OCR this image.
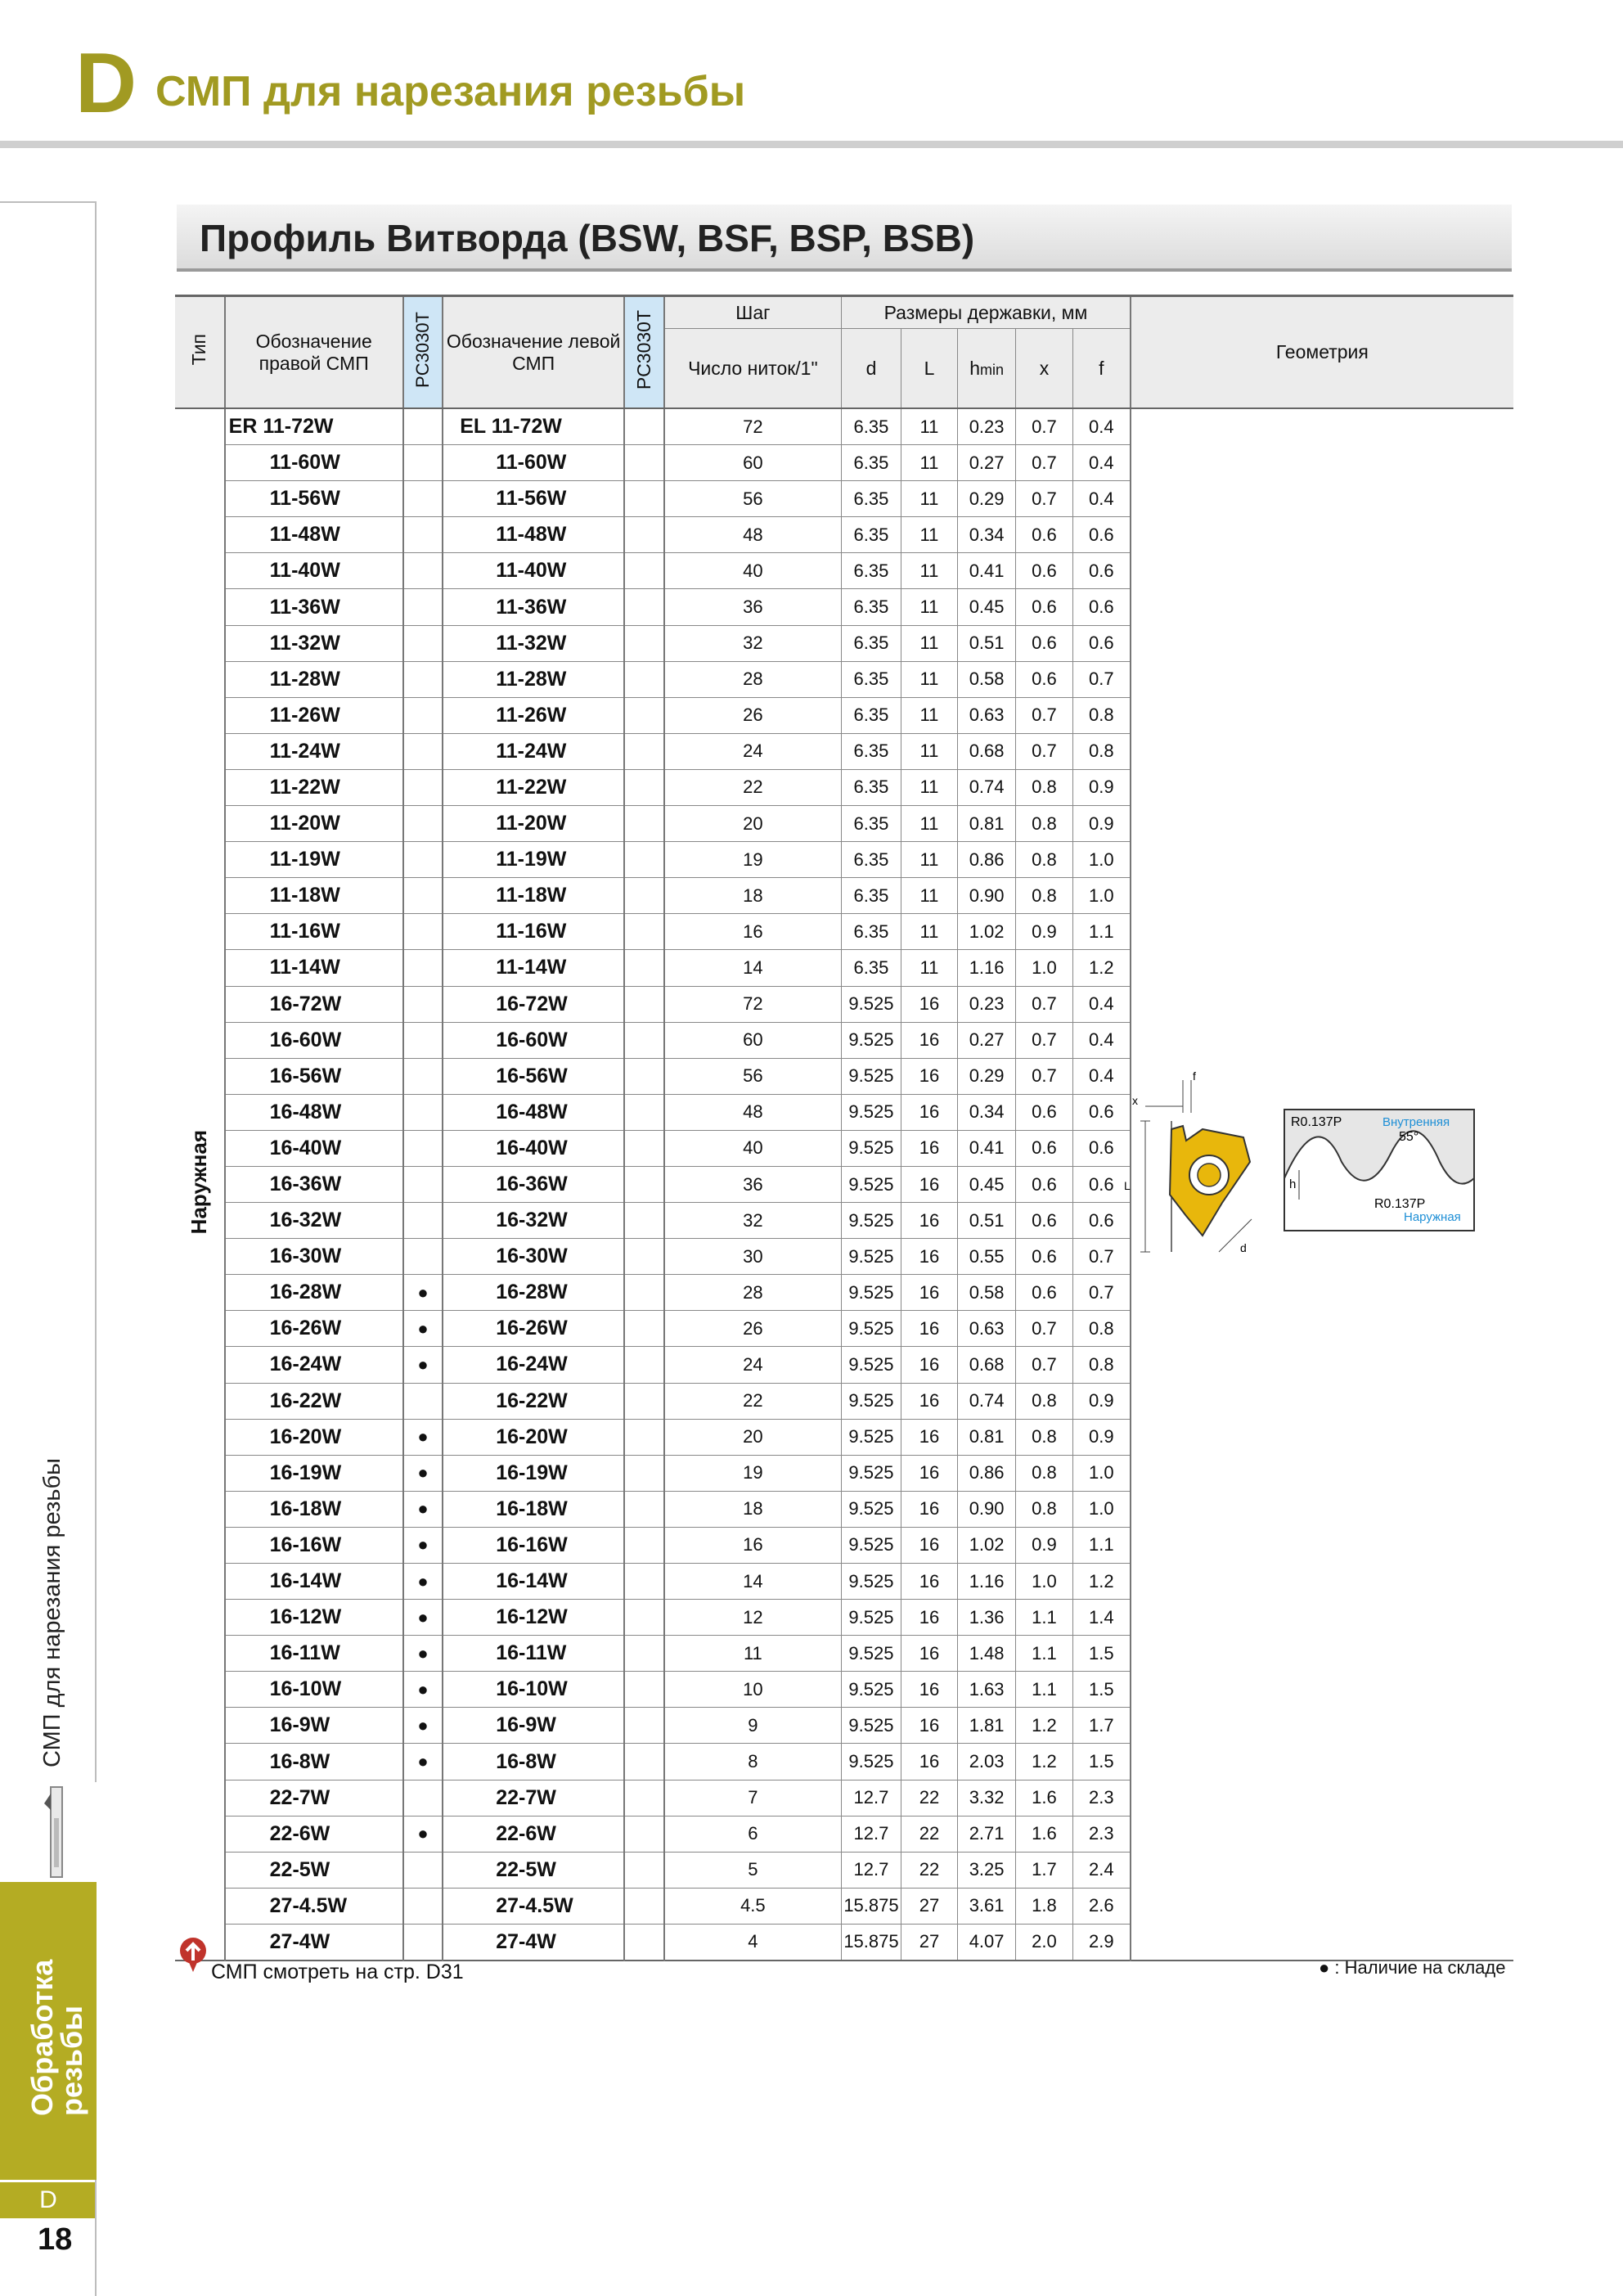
D СМП для нарезания резьбы
СМП для нарезания резьбы
Обработка резьбы
D
18
Профиль Витворда (BSW, BSF, BSP, BSB)
Тип	Обозначение правой СМП	PC3030T	Обозначение левой СМП	PC3030T	Шаг	Размеры державки, мм					Геометрия
					Число ниток/1"	d	L	hmin	x	f	
Наружная	ER 11-72W		EL 11-72W		72	6.35	11	0.23	0.7	0.4	
	11-60W		11-60W		60	6.35	11	0.27	0.7	0.4	
	11-56W		11-56W		56	6.35	11	0.29	0.7	0.4	
	11-48W		11-48W		48	6.35	11	0.34	0.6	0.6	
	11-40W		11-40W		40	6.35	11	0.41	0.6	0.6	
	11-36W		11-36W		36	6.35	11	0.45	0.6	0.6	
	11-32W		11-32W		32	6.35	11	0.51	0.6	0.6	
	11-28W		11-28W		28	6.35	11	0.58	0.6	0.7	
	11-26W		11-26W		26	6.35	11	0.63	0.7	0.8	
	11-24W		11-24W		24	6.35	11	0.68	0.7	0.8	
	11-22W		11-22W		22	6.35	11	0.74	0.8	0.9	
	11-20W		11-20W		20	6.35	11	0.81	0.8	0.9	
	11-19W		11-19W		19	6.35	11	0.86	0.8	1.0	
	11-18W		11-18W		18	6.35	11	0.90	0.8	1.0	
	11-16W		11-16W		16	6.35	11	1.02	0.9	1.1	
	11-14W		11-14W		14	6.35	11	1.16	1.0	1.2	
	16-72W		16-72W		72	9.525	16	0.23	0.7	0.4	
	16-60W		16-60W		60	9.525	16	0.27	0.7	0.4	
	16-56W		16-56W		56	9.525	16	0.29	0.7	0.4	
	16-48W		16-48W		48	9.525	16	0.34	0.6	0.6	
	16-40W		16-40W		40	9.525	16	0.41	0.6	0.6	
	16-36W		16-36W		36	9.525	16	0.45	0.6	0.6	
	16-32W		16-32W		32	9.525	16	0.51	0.6	0.6	
	16-30W		16-30W		30	9.525	16	0.55	0.6	0.7	
	16-28W	●	16-28W		28	9.525	16	0.58	0.6	0.7	
	16-26W	●	16-26W		26	9.525	16	0.63	0.7	0.8	
	16-24W	●	16-24W		24	9.525	16	0.68	0.7	0.8	
	16-22W		16-22W		22	9.525	16	0.74	0.8	0.9	
	16-20W	●	16-20W		20	9.525	16	0.81	0.8	0.9	
	16-19W	●	16-19W		19	9.525	16	0.86	0.8	1.0	
	16-18W	●	16-18W		18	9.525	16	0.90	0.8	1.0	
	16-16W	●	16-16W		16	9.525	16	1.02	0.9	1.1	
	16-14W	●	16-14W		14	9.525	16	1.16	1.0	1.2	
	16-12W	●	16-12W		12	9.525	16	1.36	1.1	1.4	
	16-11W	●	16-11W		11	9.525	16	1.48	1.1	1.5	
	16-10W	●	16-10W		10	9.525	16	1.63	1.1	1.5	
	16-9W	●	16-9W		9	9.525	16	1.81	1.2	1.7	
	16-8W	●	16-8W		8	9.525	16	2.03	1.2	1.5	
	22-7W		22-7W		7	12.7	22	3.32	1.6	2.3	
	22-6W	●	22-6W		6	12.7	22	2.71	1.6	2.3	
	22-5W		22-5W		5	12.7	22	3.25	1.7	2.4	
	27-4.5W		27-4.5W		4.5	15.875	27	3.61	1.8	2.6	
	27-4W		27-4W		4	15.875	27	4.07	2.0	2.9	
f
x
L
d
R0.137P	Внутренняя
55°
h
R0.137P
Наружная
СМП смотреть на стр. D31	● : Наличие на складе
